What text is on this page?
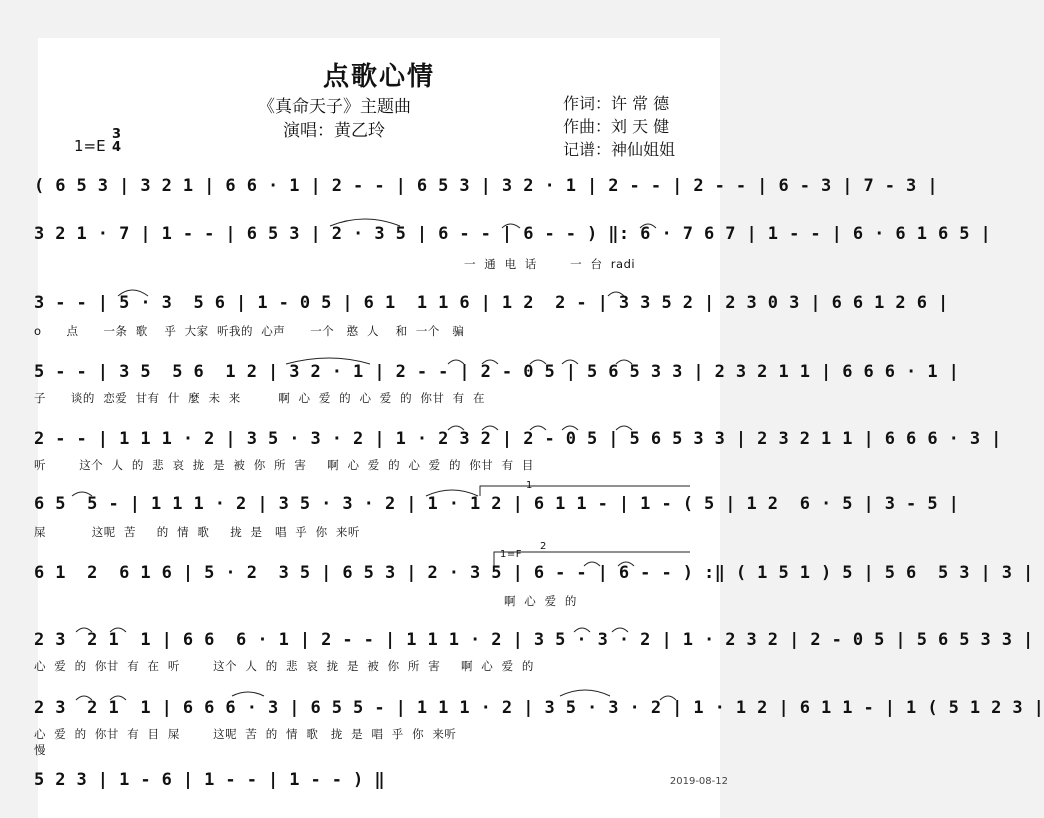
点歌心情
《真命天子》主题曲
演唱：黄乙玲
1=E
3
4
作词：许 常 德
作曲：刘 天 健
记谱：神仙姐姐
( 6 5 3 | 3 2 1 | 6 6 · 1 | 2 - - | 6 5 3 | 3 2 · 1 | 2 - - | 2 - - | 6 - 3 | 7 - 3 |
3 2 1 · 7 | 1 - - | 6 5 3 | 2 · 3 5 | 6 - - | 6 - - ) ‖: 6 · 7 6 7 | 1 - - | 6 · 6 1 6 5 |
一  通  电  话        一  台  radi
3 - - | 5 · 3  5 6 | 1 - 0 5 | 6 1  1 1 6 | 1 2  2 - | 3 3 5 2 | 2 3 0 3 | 6 6 1 2 6 |
o      点      一条  歌    乎  大家  听我的  心声      一个   憨  人    和  一个   骗
5 - - | 3 5  5 6  1 2 | 3 2 · 1 | 2 - - | 2 - 0 5 | 5 6 5 3 3 | 2 3 2 1 1 | 6 6 6 · 1 |
子      谈的  恋爱  甘有  什  麼  未  来         啊  心  爱  的  心  爱  的  你甘  有  在
2 - - | 1 1 1 · 2 | 3 5 · 3 · 2 | 1 · 2 3 2 | 2 - 0 5 | 5 6 5 3 3 | 2 3 2 1 1 | 6 6 6 · 3 |
听        这个  人  的  悲  哀  拢  是  被  你  所  害     啊  心  爱  的  心  爱  的  你甘  有  目
6 5  5 - | 1 1 1 · 2 | 3 5 · 3 · 2 | 1 · 1 2 | 6 1 1 - | 1 - ( 5 | 1 2  6 · 5 | 3 - 5 |
屎           这呢  苦     的  情  歌     拢  是   唱  乎  你  来听
1
6 1  2  6 1 6 | 5 · 2  3 5 | 6 5 3 | 2 · 3 5 | 6 - - | 6 - - ) :‖ ( 1 5 1 ) 5 | 5 6  5 3 | 3 |
1=F
2
啊  心  爱  的
2 3  2 1  1 | 6 6  6 · 1 | 2 - - | 1 1 1 · 2 | 3 5 · 3 · 2 | 1 · 2 3 2 | 2 - 0 5 | 5 6 5 3 3 |
心  爱  的  你甘  有  在  听        这个  人  的  悲  哀  拢  是  被  你  所  害     啊  心  爱  的
2 3  2 1  1 | 6 6 6 · 3 | 6 5 5 - | 1 1 1 · 2 | 3 5 · 3 · 2 | 1 · 1 2 | 6 1 1 - | 1 ( 5 1 2 3 |
心  爱  的  你甘  有  目  屎        这呢  苦  的  情  歌   拢  是  唱  乎  你  来听
慢
5 2 3 | 1 - 6 | 1 - - | 1 - - ) ‖	2019-08-12
